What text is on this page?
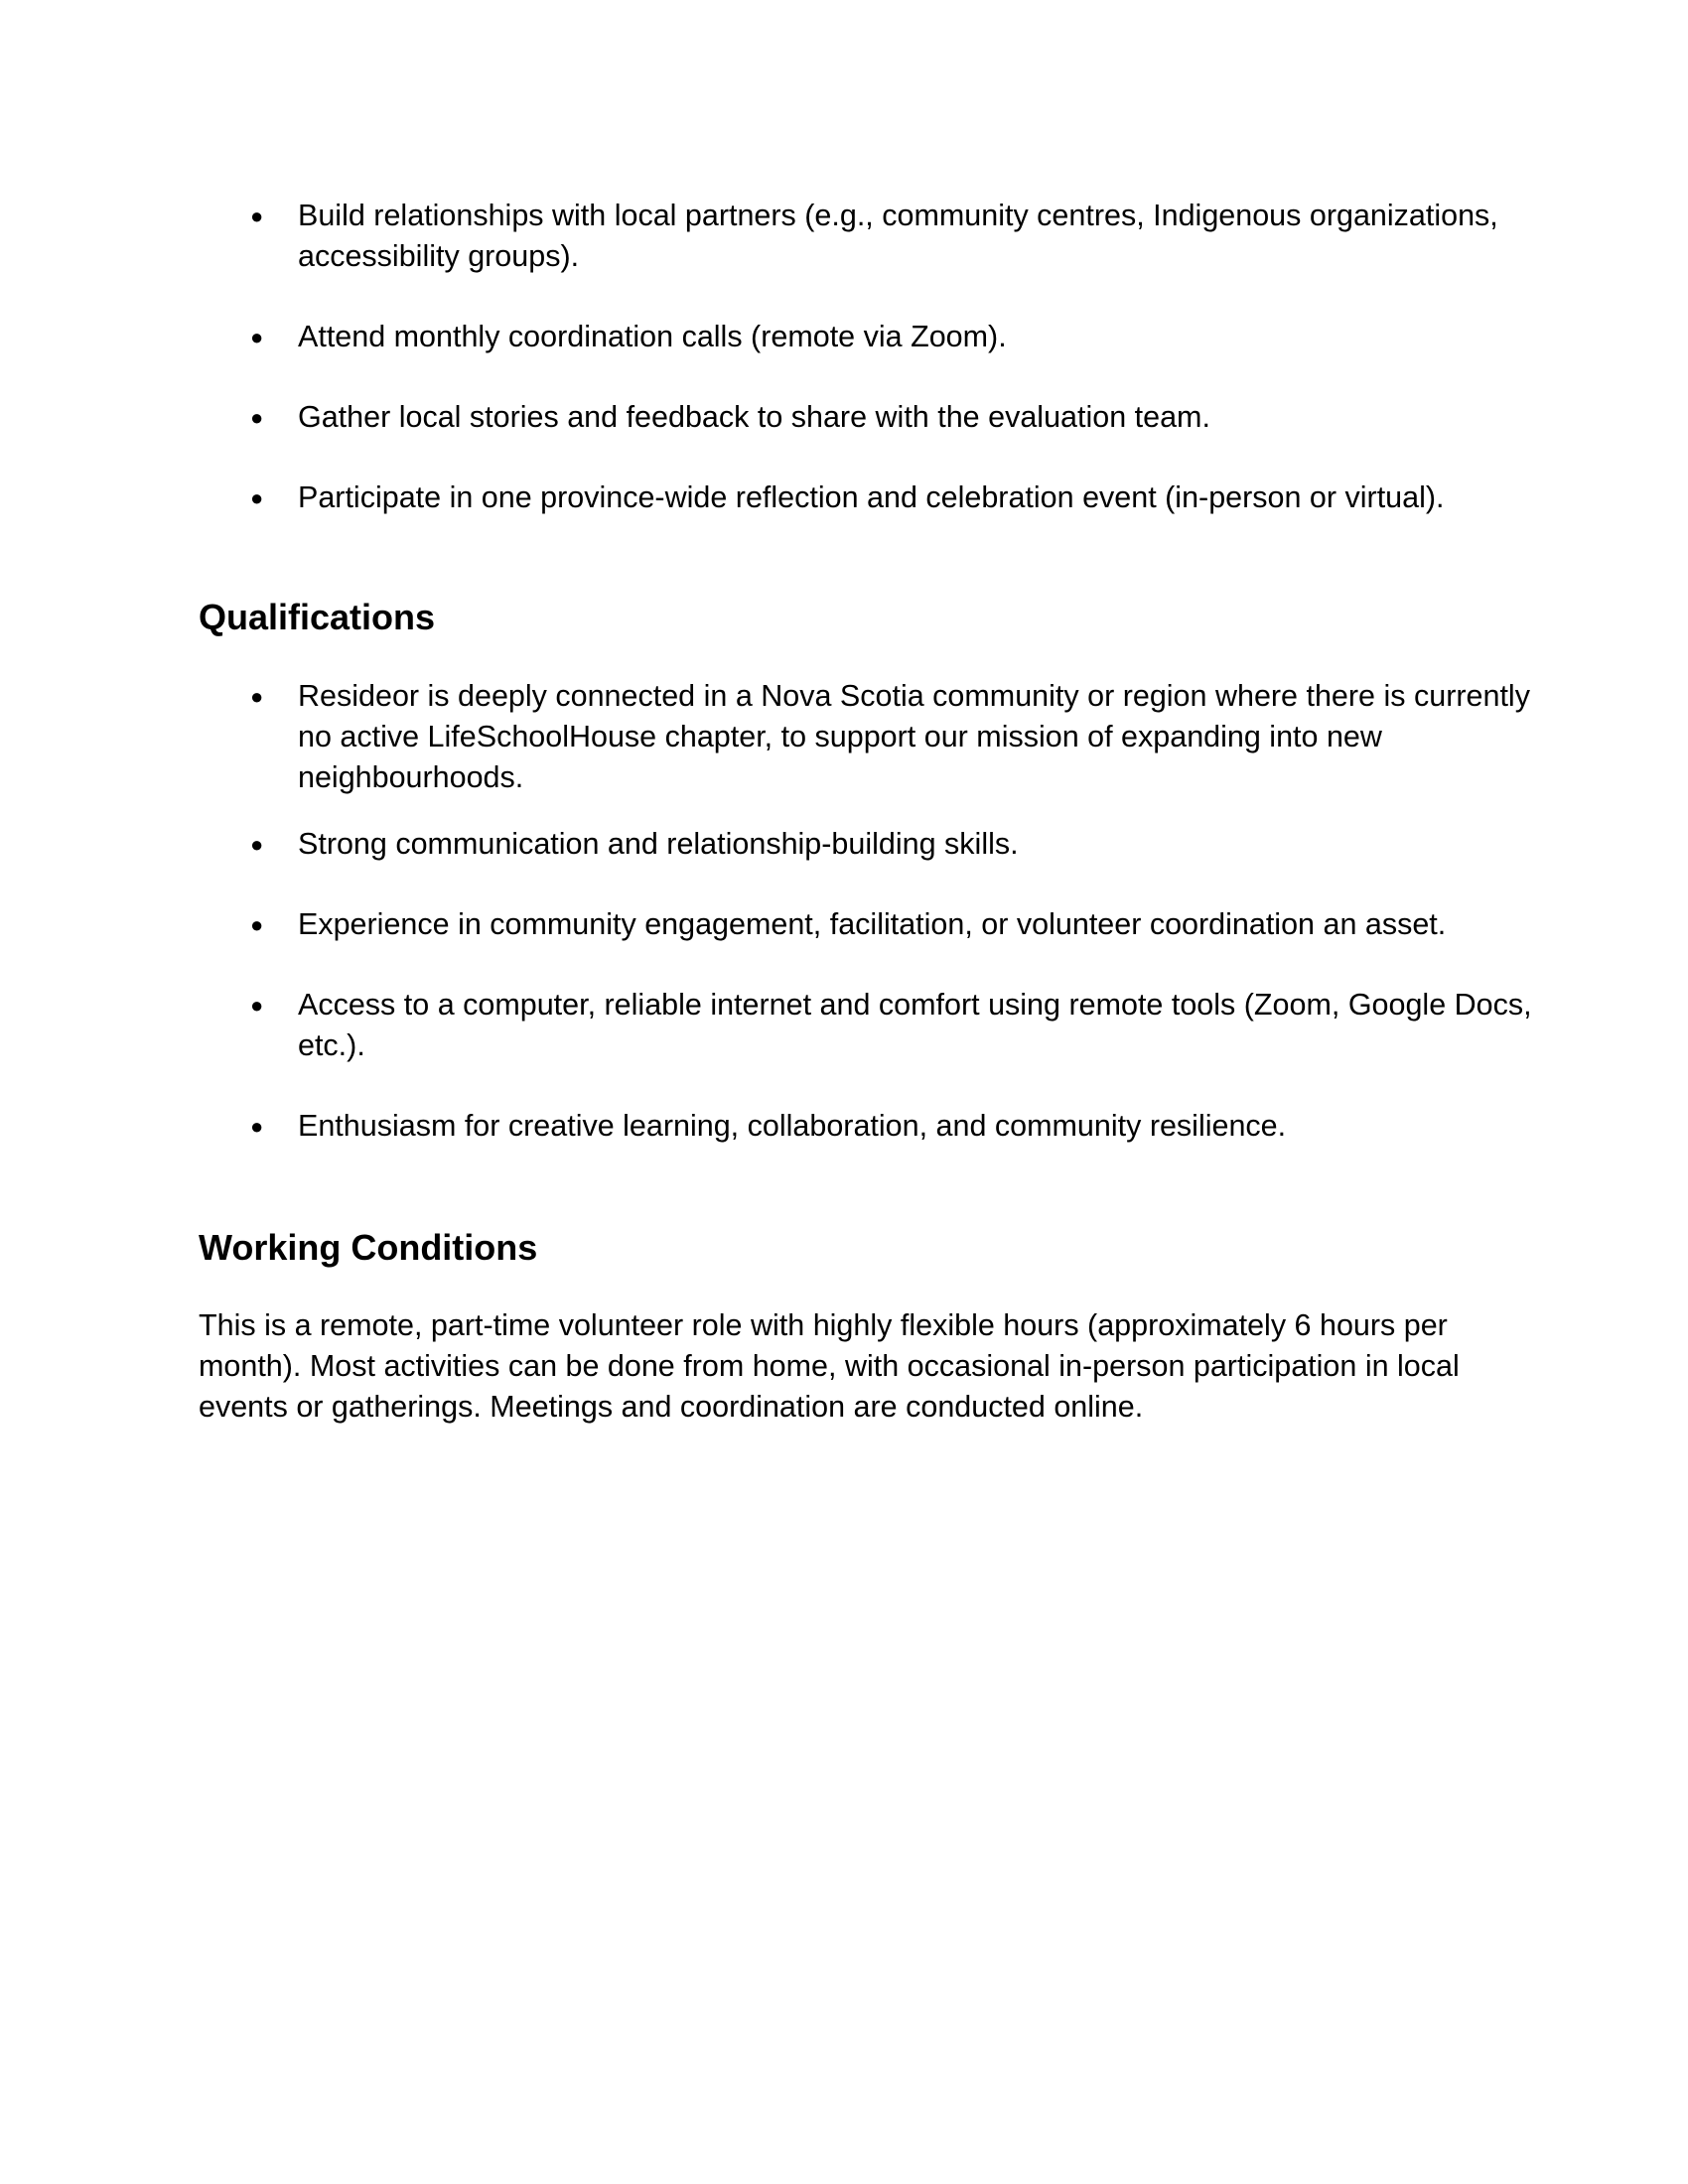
● Build relationships with local partners (e.g., community centres, Indigenous organizations, accessibility groups).
● Attend monthly coordination calls (remote via Zoom).
● Gather local stories and feedback to share with the evaluation team.
● Participate in one province-wide reflection and celebration event (in-person or virtual).
Qualifications
● Resideor is deeply connected in a Nova Scotia community or region where there is currently no active LifeSchoolHouse chapter, to support our mission of expanding into new neighbourhoods.
● Strong communication and relationship-building skills.
● Experience in community engagement, facilitation, or volunteer coordination an asset.
● Access to a computer, reliable internet and comfort using remote tools (Zoom, Google Docs, etc.).
● Enthusiasm for creative learning, collaboration, and community resilience.
Working Conditions

This is a remote, part-time volunteer role with highly flexible hours (approximately 6 hours per month). Most activities can be done from home, with occasional in-person participation in local events or gatherings. Meetings and coordination are conducted online.
